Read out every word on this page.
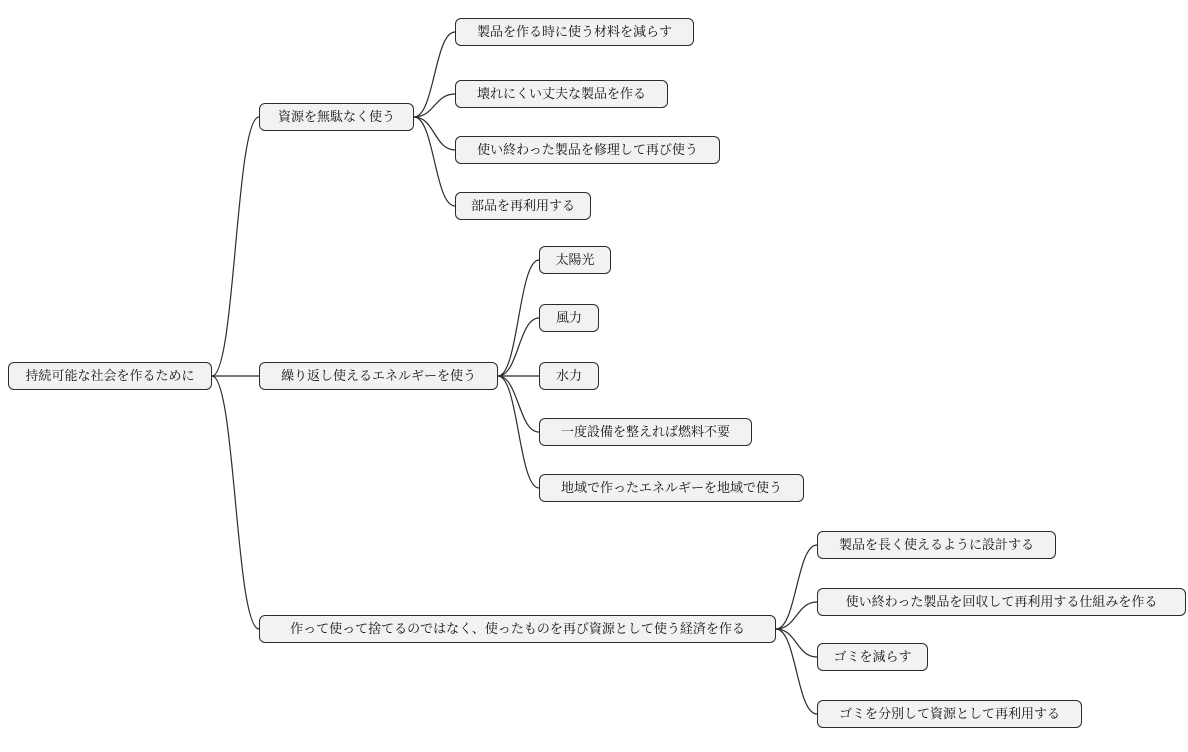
持続可能な社会を作るために
資源を無駄なく使う
製品を作る時に使う材料を減らす
壊れにくい丈夫な製品を作る
使い終わった製品を修理して再び使う
部品を再利用する
繰り返し使えるエネルギーを使う
太陽光
風力
水力
一度設備を整えれば燃料不要
地域で作ったエネルギーを地域で使う
作って使って捨てるのではなく、使ったものを再び資源として使う経済を作る
製品を長く使えるように設計する
使い終わった製品を回収して再利用する仕組みを作る
ゴミを減らす
ゴミを分別して資源として再利用する
